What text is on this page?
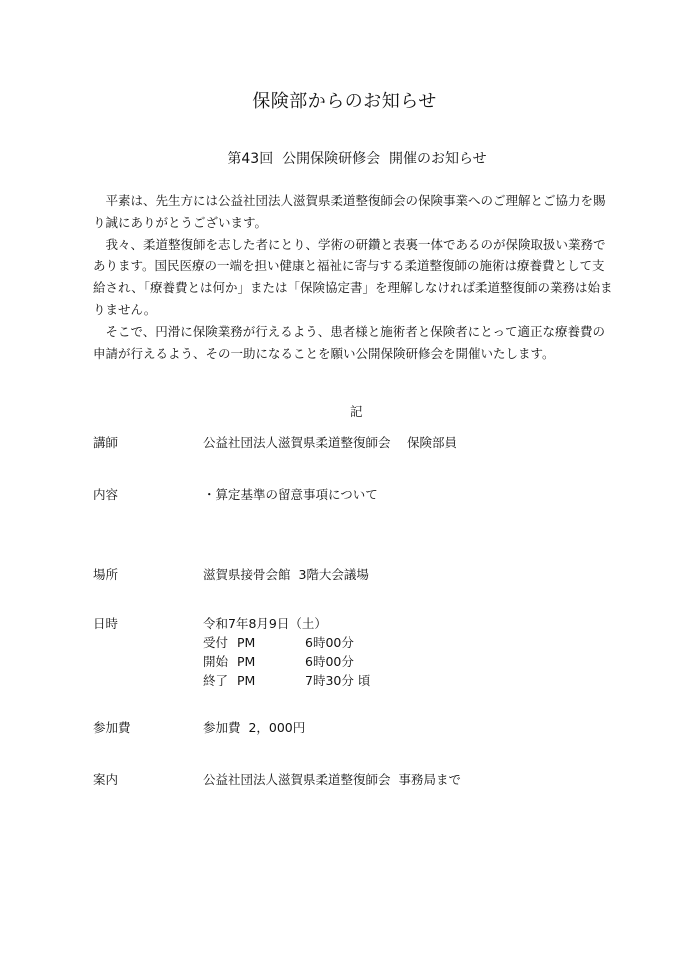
保険部からのお知らせ
第43回  公開保険研修会  開催のお知らせ

平素は、先生方には公益社団法人滋賀県柔道整復師会の保険事業へのご理解とご協力を賜り誠にありがとうございます。

我々、柔道整復師を志した者にとり、学術の研鑽と表裏一体であるのが保険取扱い業務であります。国民医療の一端を担い健康と福祉に寄与する柔道整復師の施術は療養費として支給され、「療養費とは何か」または「保険協定書」を理解しなければ柔道整復師の業務は始まりません。

そこで、円滑に保険業務が行えるよう、患者様と施術者と保険者にとって適正な療養費の申請が行えるよう、その一助になることを願い公開保険研修会を開催いたします。

記
講師	公益社団法人滋賀県柔道整復師会　 保険部員
内容	・算定基準の留意事項について
場所	滋賀県接骨会館  3階大会議場
日時	令和7年8月9日（土）
受付 PM	6時00分
開始 PM	6時00分
終了 PM	7時30分 頃
参加費	参加費  2，000円
案内	公益社団法人滋賀県柔道整復師会  事務局まで
